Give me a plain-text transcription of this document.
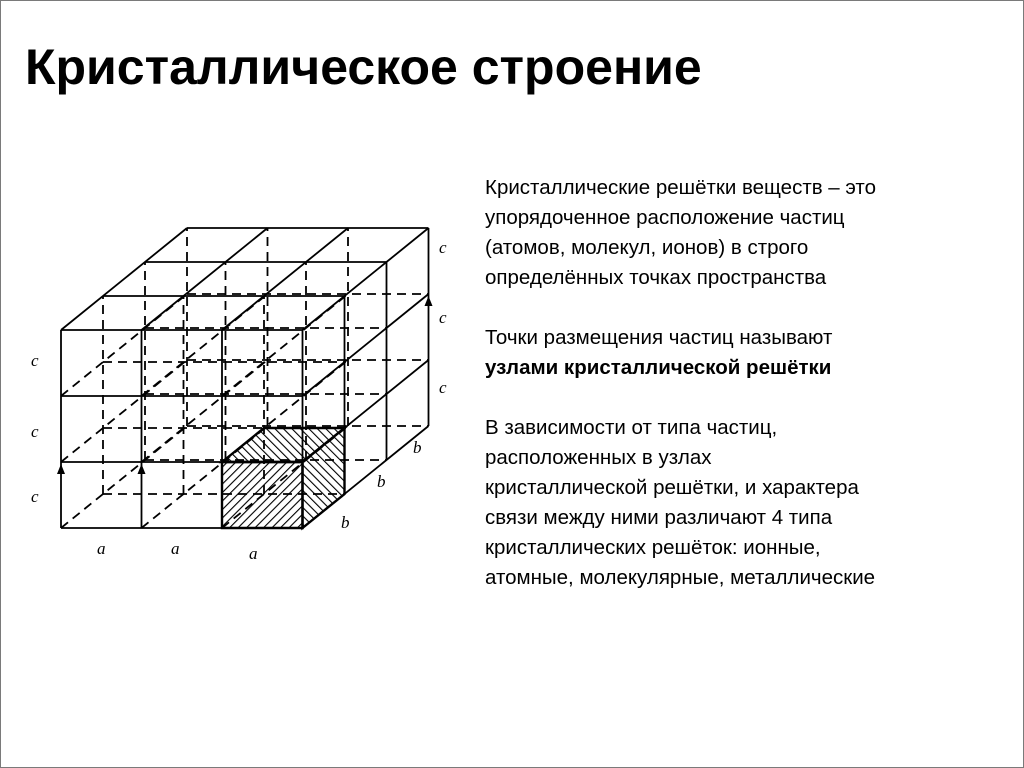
Кристаллическое строение
a	a	a
c
c
c
c
c
c
b
b
b

Кристаллические решётки веществ – это
упорядоченное расположение частиц
(атомов, молекул, ионов) в строго
определённых точках пространства

Точки размещения частиц называют
узлами кристаллической решётки

В зависимости от типа частиц,
расположенных в узлах
кристаллической решётки, и характера
связи между ними различают 4 типа
кристаллических решёток: ионные,
атомные, молекулярные, металлические
